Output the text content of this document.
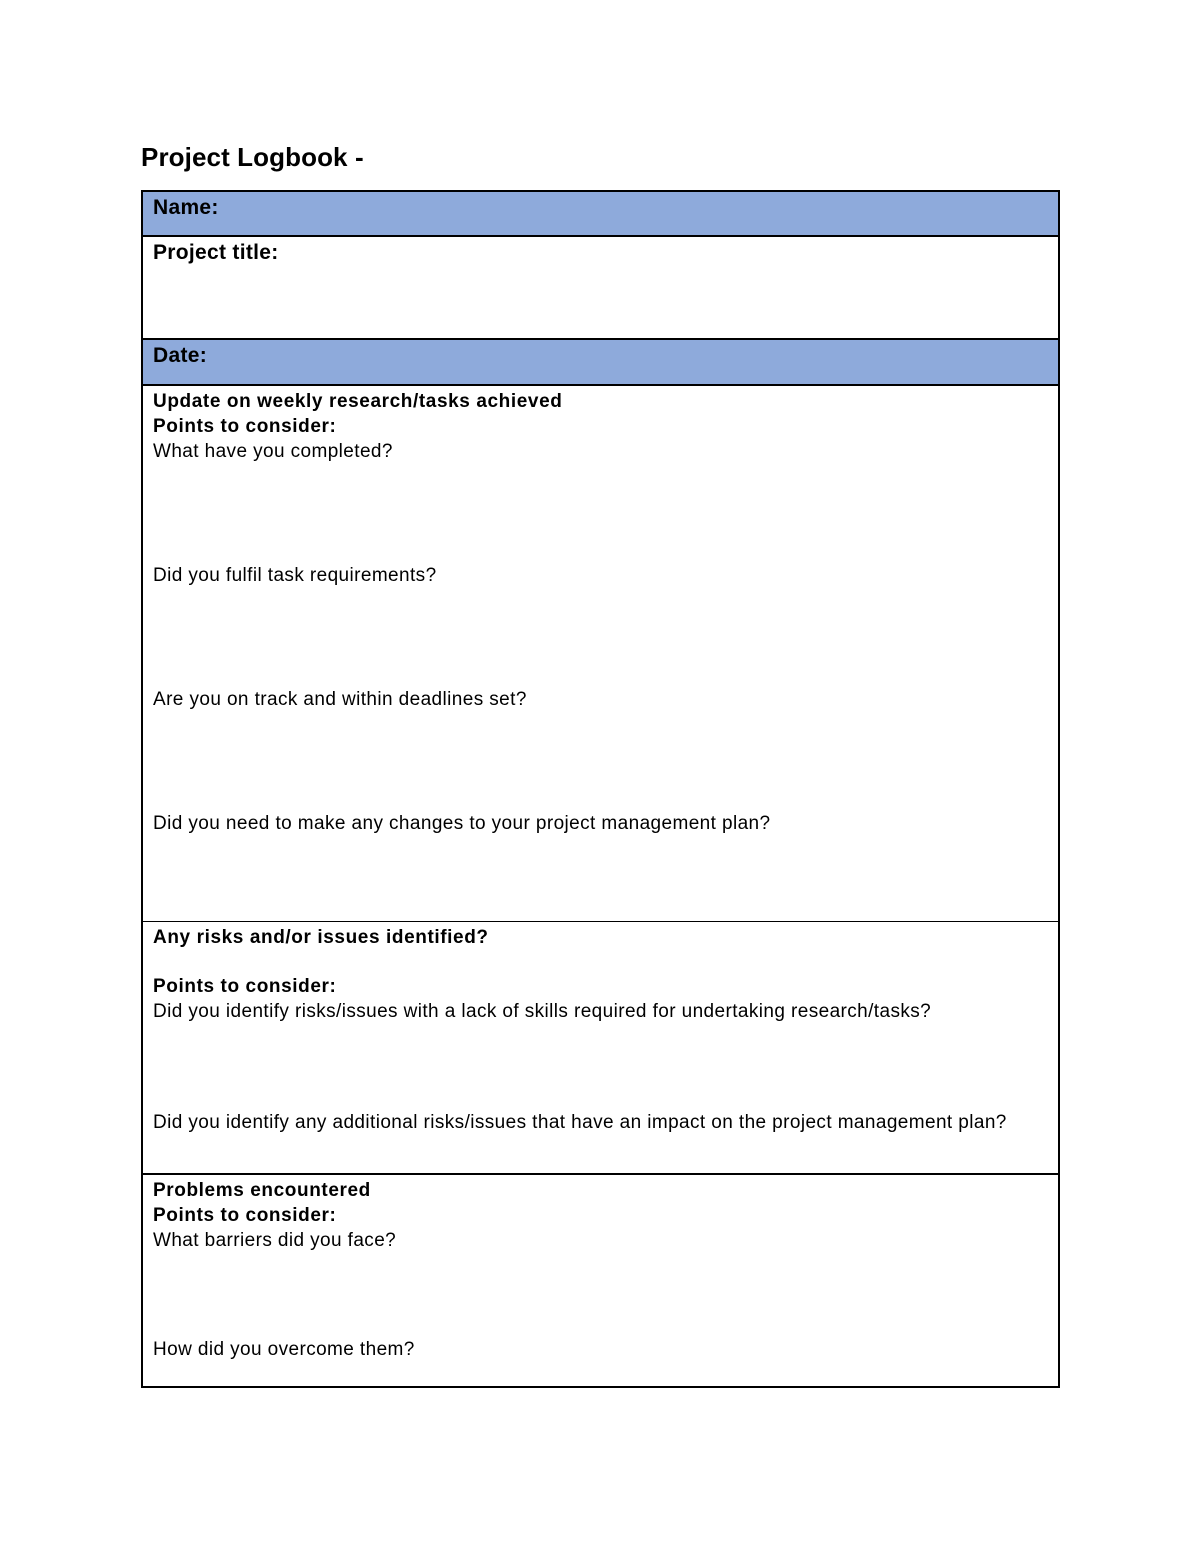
Project Logbook -
Name:
Project title:
Date:
Update on weekly research/tasks achieved
Points to consider:
What have you completed?
Did you fulfil task requirements?
Are you on track and within deadlines set?
Did you need to make any changes to your project management plan?
Any risks and/or issues identified?
Points to consider:
Did you identify risks/issues with a lack of skills required for undertaking research/tasks?
Did you identify any additional risks/issues that have an impact on the project management plan?
Problems encountered
Points to consider:
What barriers did you face?
How did you overcome them?
